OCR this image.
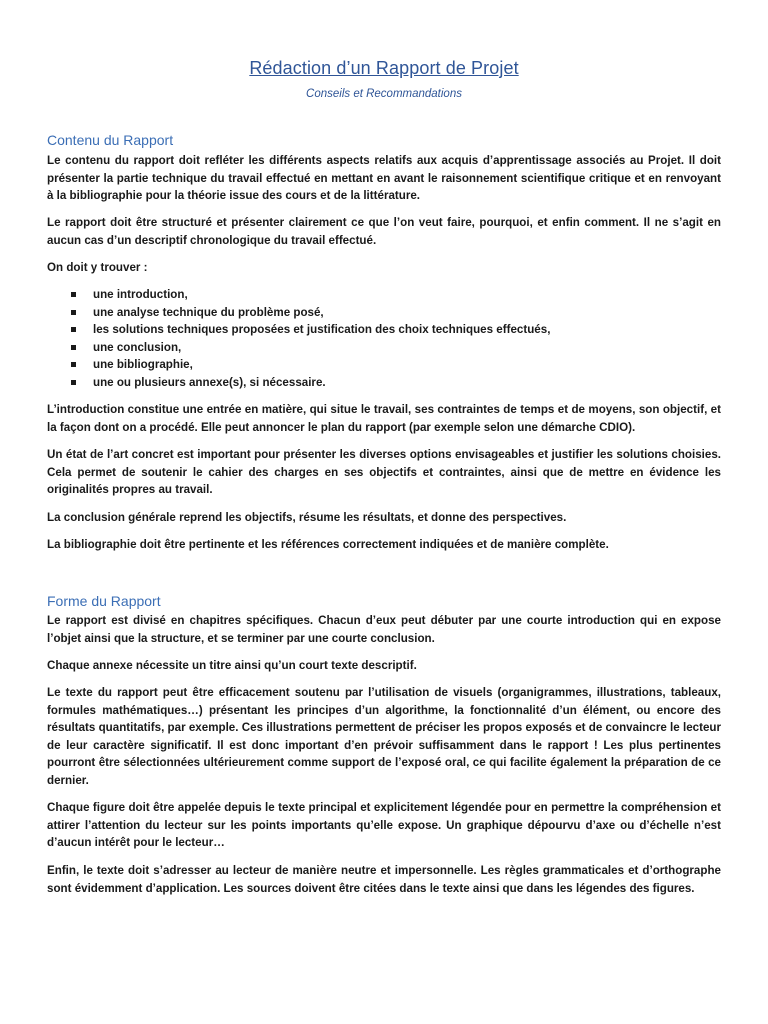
Rédaction d’un Rapport de Projet

Conseils et Recommandations

Contenu du Rapport

Le contenu du rapport doit refléter les différents aspects relatifs aux acquis d’apprentissage associés au Projet. Il doit présenter la partie technique du travail effectué en mettant en avant le raisonnement scientifique critique et en renvoyant à la bibliographie pour la théorie issue des cours et de la littérature.

Le rapport doit être structuré et présenter clairement ce que l’on veut faire, pourquoi, et enfin comment. Il ne s’agit en aucun cas d’un descriptif chronologique du travail effectué.

On doit y trouver :

une introduction,
une analyse technique du problème posé,
les solutions techniques proposées et justification des choix techniques effectués,
une conclusion,
une bibliographie,
une ou plusieurs annexe(s), si nécessaire.

L’introduction constitue une entrée en matière, qui situe le travail, ses contraintes de temps et de moyens, son objectif, et la façon dont on a procédé. Elle peut annoncer le plan du rapport (par exemple selon une démarche CDIO).

Un état de l’art concret est important pour présenter les diverses options envisageables et justifier les solutions choisies. Cela permet de soutenir le cahier des charges en ses objectifs et contraintes, ainsi que de mettre en évidence les originalités propres au travail.

La conclusion générale reprend les objectifs, résume les résultats, et donne des perspectives.

La bibliographie doit être pertinente et les références correctement indiquées et de manière complète.

Forme du Rapport

Le rapport est divisé en chapitres spécifiques. Chacun d’eux peut débuter par une courte introduction qui en expose l’objet ainsi que la structure, et se terminer par une courte conclusion.

Chaque annexe nécessite un titre ainsi qu’un court texte descriptif.

Le texte du rapport peut être efficacement soutenu par l’utilisation de visuels (organigrammes, illustrations, tableaux, formules mathématiques…) présentant les principes d’un algorithme, la fonctionnalité d’un élément, ou encore des résultats quantitatifs, par exemple. Ces illustrations permettent de préciser les propos exposés et de convaincre le lecteur de leur caractère significatif. Il est donc important d’en prévoir suffisamment dans le rapport ! Les plus pertinentes pourront être sélectionnées ultérieurement comme support de l’exposé oral, ce qui facilite également la préparation de ce dernier.

Chaque figure doit être appelée depuis le texte principal et explicitement légendée pour en permettre la compréhension et attirer l’attention du lecteur sur les points importants qu’elle expose. Un graphique dépourvu d’axe ou d’échelle n’est d’aucun intérêt pour le lecteur…

Enfin, le texte doit s’adresser au lecteur de manière neutre et impersonnelle. Les règles grammaticales et d’orthographe sont évidemment d’application. Les sources doivent être citées dans le texte ainsi que dans les légendes des figures.
